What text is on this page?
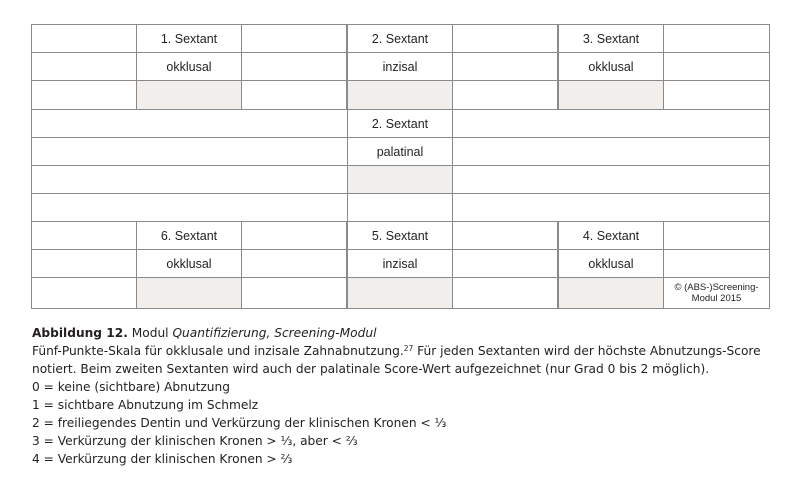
1. Sextant	2. Sextant	3. Sextant
okklusal	inzisal	okklusal
2. Sextant
palatinal
6. Sextant	5. Sextant	4. Sextant
okklusal	inzisal	okklusal
© (ABS-)Screening-
Modul 2015

Abbildung 12. Modul Quantifizierung, Screening-Modul

Fünf-Punkte-Skala für okklusale und inzisale Zahnabnutzung.$^{27}$ Für jeden Sextanten wird der höchste Abnutzungs-Score

notiert. Beim zweiten Sextanten wird auch der palatinale Score-Wert aufgezeichnet (nur Grad 0 bis 2 möglich).

0 = keine (sichtbare) Abnutzung

1 = sichtbare Abnutzung im Schmelz

2 = freiliegendes Dentin und Verkürzung der klinischen Kronen < ⅓

3 = Verkürzung der klinischen Kronen > ⅓, aber < ⅔

4 = Verkürzung der klinischen Kronen > ⅔
